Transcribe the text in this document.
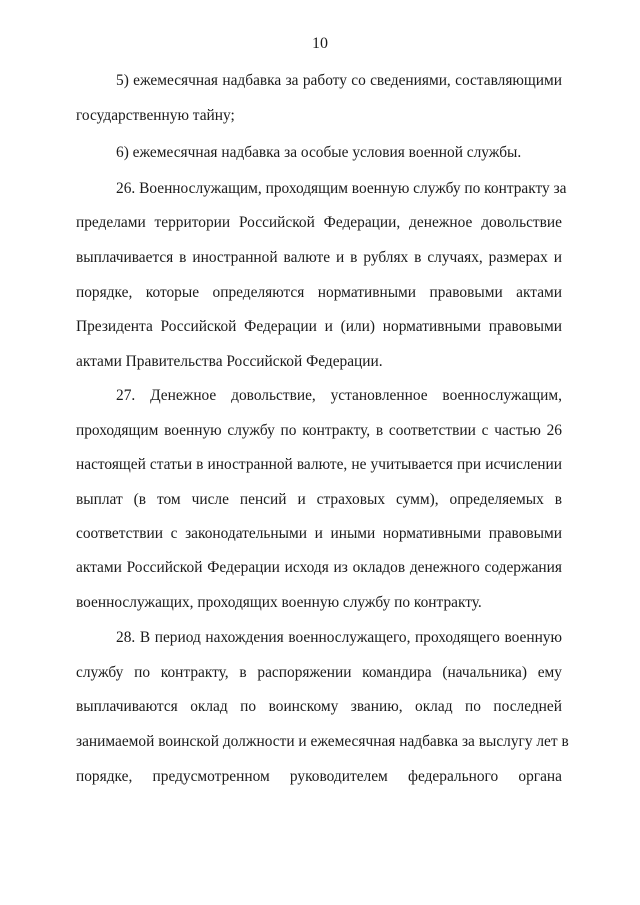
10
5) ежемесячная надбавка за работу со сведениями, составляющими
государственную тайну;
6) ежемесячная надбавка за особые условия военной службы.
26. Военнослужащим, проходящим военную службу по контракту за
пределами территории Российской Федерации, денежное довольствие
выплачивается в иностранной валюте и в рублях в случаях, размерах и
порядке, которые определяются нормативными правовыми актами
Президента Российской Федерации и (или) нормативными правовыми
актами Правительства Российской Федерации.
27. Денежное довольствие, установленное военнослужащим,
проходящим военную службу по контракту, в соответствии с частью 26
настоящей статьи в иностранной валюте, не учитывается при исчислении
выплат (в том числе пенсий и страховых сумм), определяемых в
соответствии с законодательными и иными нормативными правовыми
актами Российской Федерации исходя из окладов денежного содержания
военнослужащих, проходящих военную службу по контракту.
28. В период нахождения военнослужащего, проходящего военную
службу по контракту, в распоряжении командира (начальника) ему
выплачиваются оклад по воинскому званию, оклад по последней
занимаемой воинской должности и ежемесячная надбавка за выслугу лет в
порядке, предусмотренном руководителем федерального органа
